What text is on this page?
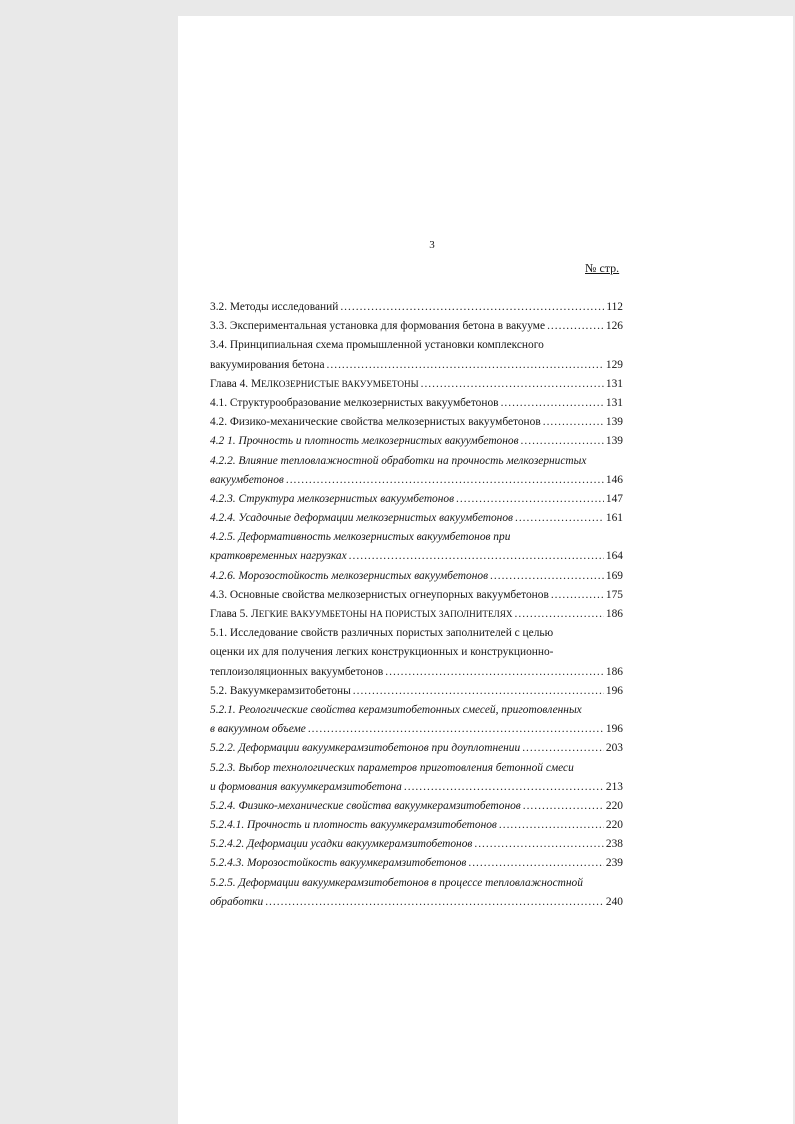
3
№ стр.
3.2. Методы исследований .....	112
3.3. Экспериментальная установка для формования бетона в вакууме .....	126
3.4. Принципиальная схема промышленной установки комплексного
вакуумирования бетона .....	129
Глава 4. МЕЛКОЗЕРНИСТЫЕ ВАКУУМБЕТОНЫ .....	131
4.1. Структурообразование мелкозернистых вакуумбетонов .....	131
4.2. Физико-механические свойства мелкозернистых вакуумбетонов .....	139
4.2 1. Прочность и плотность мелкозернистых вакуумбетонов .....	139
4.2.2. Влияние тепловлажностной обработки на прочность мелкозернистых
вакуумбетонов .....	146
4.2.3. Структура мелкозернистых вакуумбетонов .....	147
4.2.4. Усадочные деформации мелкозернистых вакуумбетонов .....	161
4.2.5. Деформативность мелкозернистых вакуумбетонов при
кратковременных нагрузках .....	164
4.2.6. Морозостойкость мелкозернистых вакуумбетонов .....	169
4.3. Основные свойства мелкозернистых огнеупорных вакуумбетонов .....	175
Глава 5. ЛЕГКИЕ ВАКУУМБЕТОНЫ НА ПОРИСТЫХ ЗАПОЛНИТЕЛЯХ .....	186
5.1. Исследование свойств различных пористых заполнителей с целью
оценки их для получения легких конструкционных и конструкционно-
теплоизоляционных вакуумбетонов .....	186
5.2. Вакуумкерамзитобетоны .....	196
5.2.1. Реологические свойства керамзитобетонных смесей, приготовленных
в вакуумном объеме .....	196
5.2.2. Деформации вакуумкерамзитобетонов при доуплотнении .....	203
5.2.3. Выбор технологических параметров приготовления бетонной смеси
и формования вакуумкерамзитобетона .....	213
5.2.4. Физико-механические свойства вакуумкерамзитобетонов .....	220
5.2.4.1. Прочность и плотность вакуумкерамзитобетонов .....	220
5.2.4.2. Деформации усадки вакуумкерамзитобетонов .....	238
5.2.4.3. Морозостойкость вакуумкерамзитобетонов .....	239
5.2.5. Деформации вакуумкерамзитобетонов в процессе тепловлажностной
обработки .....	240
